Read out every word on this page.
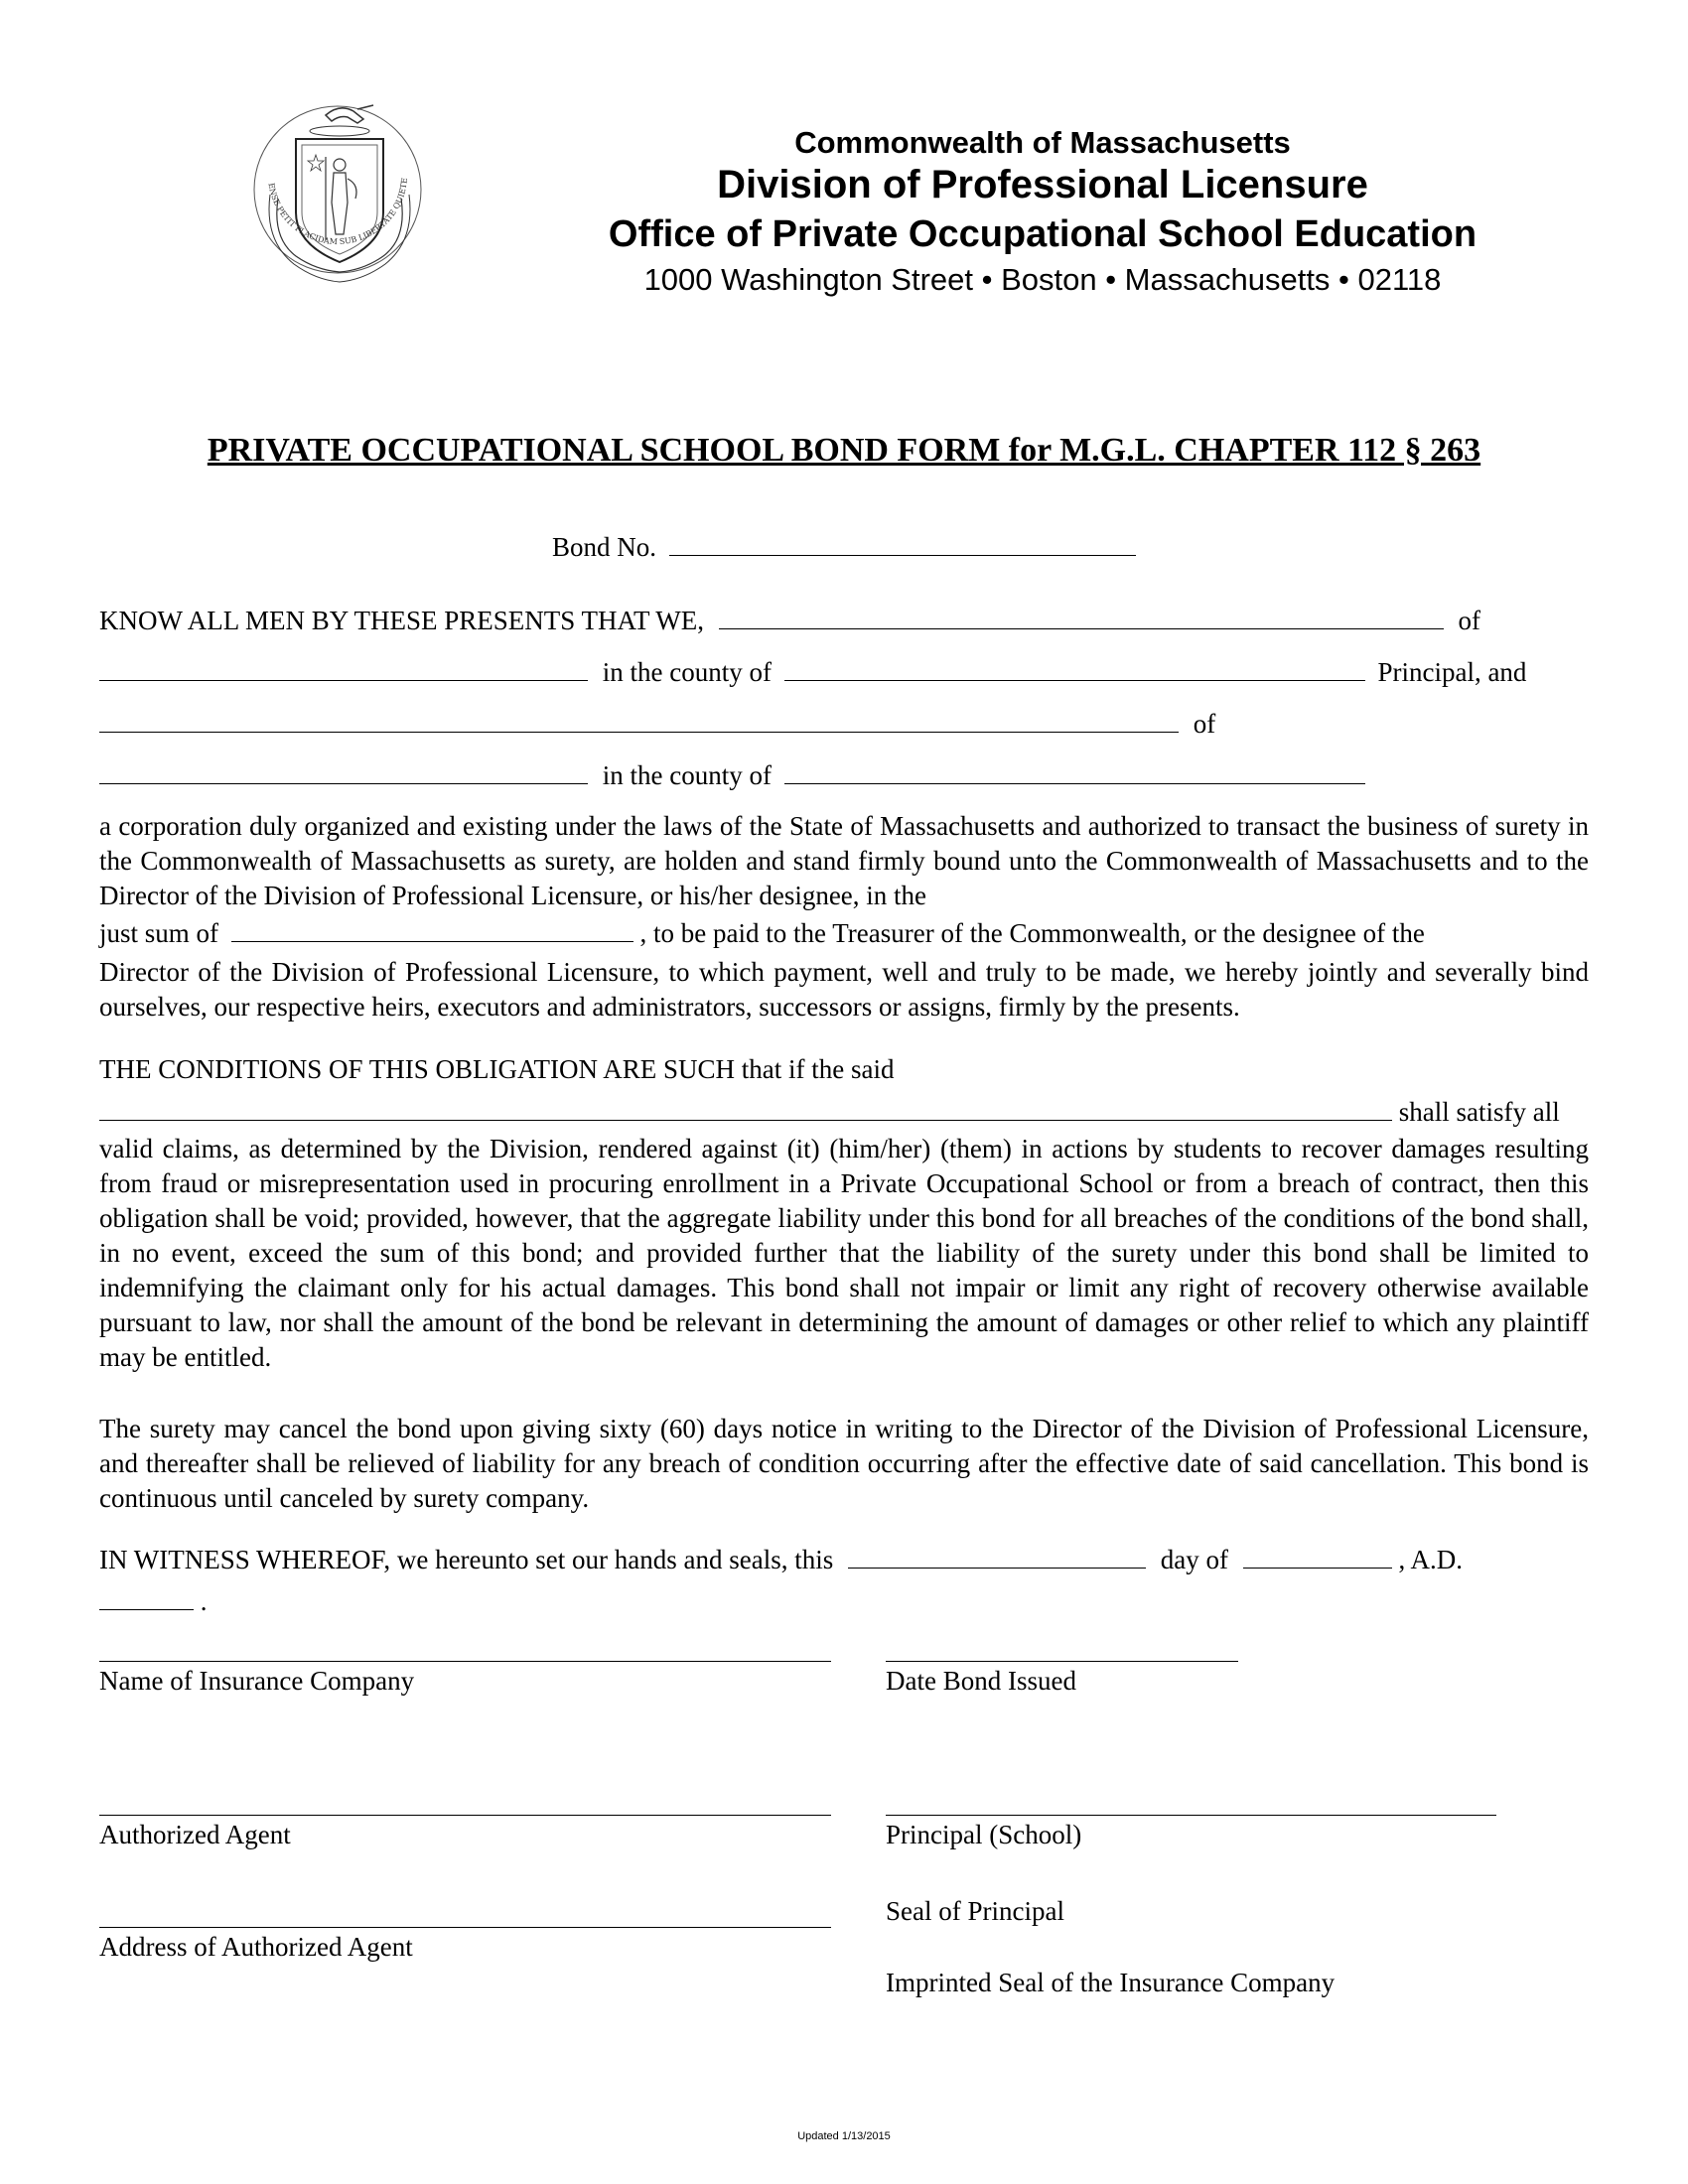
ENSE PETIT PLACIDAM SUB LIBERTATE QUIETE
Commonwealth of Massachusetts
Division of Professional Licensure
Office of Private Occupational School Education
1000 Washington Street • Boston • Massachusetts • 02118
PRIVATE OCCUPATIONAL SCHOOL BOND FORM for M.G.L. CHAPTER 112 § 263
Bond No.
KNOW ALL MEN BY THESE PRESENTS THAT WE,	of
in the county of	Principal, and
of
in the county of
a corporation duly organized and existing under the laws of the State of Massachusetts and authorized to transact the business of surety in the Commonwealth of Massachusetts as surety, are holden and stand firmly bound unto the Commonwealth of Massachusetts and to the Director of the Division of Professional Licensure, or his/her designee, in the
just sum of	, to be paid to the Treasurer of the Commonwealth, or the designee of the
Director of the Division of Professional Licensure, to which payment, well and truly to be made, we hereby jointly and severally bind ourselves, our respective heirs, executors and administrators, successors or assigns, firmly by the presents.
THE CONDITIONS OF THIS OBLIGATION ARE SUCH that if the said
shall satisfy all
valid claims, as determined by the Division, rendered against (it) (him/her) (them) in actions by students to recover damages resulting from fraud or misrepresentation used in procuring enrollment in a Private Occupational School or from a breach of contract, then this obligation shall be void; provided, however, that the aggregate liability under this bond for all breaches of the conditions of the bond shall, in no event, exceed the sum of this bond; and provided further that the liability of the surety under this bond shall be limited to indemnifying the claimant only for his actual damages. This bond shall not impair or limit any right of recovery otherwise available pursuant to law, nor shall the amount of the bond be relevant in determining the amount of damages or other relief to which any plaintiff may be entitled.
The surety may cancel the bond upon giving sixty (60) days notice in writing to the Director of the Division of Professional Licensure, and thereafter shall be relieved of liability for any breach of condition occurring after the effective date of said cancellation. This bond is continuous until canceled by surety company.
IN WITNESS WHEREOF, we hereunto set our hands and seals, this	day of	, A.D.
.
Name of Insurance Company	Date Bond Issued
Authorized Agent	Principal (School)
Seal of Principal
Address of Authorized Agent
Imprinted Seal of the Insurance Company
Updated 1/13/2015
